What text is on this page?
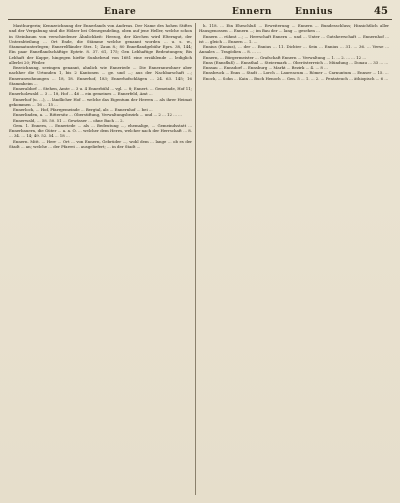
Enare	Ennern	Ennius	45

Masthurgerin; Kennzeichnung der Ennerlands von Andreas. Der Name des hohen Stiftes und der Vergabung sind die Hölzer bei Olenegradeling, oben auf jene Heller, welche schon in Steinbaum von verschiedener Ähnlichkeit: Herzog, der Kirchen wird Elterngut, der Unterabteilung ... Ort Ende, die Stämme welche genannt worden ... u. s. w., Stammatunterlegen; Ennerelfländer Strz. 1; Zaun 8.; 80 Enneflandgebühr Eprs. 38, 144; Ein paar Enneflandschäftige Eptetr. 8. 37. 61, 175; Gen Lebhaftige Bedeutungen; Bis Lebhaft der Kuppe, hingegen hiefür Sunhebrud von 1681 eine erzählende ... lediglich allerlei 20; Pfeiler.

Bezeichnung, seeingen genannt, ahnlich wie Enneriede ... Die Enneranwohner aber nachher die Urtunden 1, bis 2 Kantonen ... ge. und ...; aus der Nachbarschaft ...; Enneranwohnungen ... 18, 18. Ennerhof, 183; Ennerhofschlägen ... 24. 63. 145; 16 Stammheim ...

Enneraldorf ... Stehen, Amte ... 3 u. 4 Ennerbühl ... vgl. ... 8; Ennert. ... Gemeinde, Hof 11; Ennerholzwald ... 3 ... 18, Hof ... 46 ... ein gemeines ... Ennerfeld, Amt ...

Ennerhof (u. ...), ... ländlicher Hof ... welche das Eigentum der Herren ... als ihrer Heimat gekommen ... 16 ... 15 ...

Ennerloch, ... Hof, Pfarrgemeinde ... Bergtal, als ... Ennernhof ... bei ...

Ennerlinden, a. ... Rittersitz ... Oberstiftung, Verwaltungsbezirk ... und ... 2 ... 12 ... ...

Ennerwald, ... 58. 50. 51 ... Gewässer ... ohne Bach ... 2.

Gem. 1. Ennern, ... Enneriede ... als ... Bedeutung ..., ehemalige, ... Gemeindsstatt ... Ennerbauern, die Güter ... a. a. O. ... welcher dem Herrn, welcher nach der Herrschaft ... 8. ... 34. ... 14; 49. 52. 54 ... 18 ...

Ennern. Mitt. ... Herr ... Ort ... von Ennern, Gebrüder ..., wohl dem ... lange ... ob es der Stadt ... an; welche ... der Pfarrei ... ausgeliefert; ... in der Stadt ...

h. 118. ... Ein Eheschluß ... Erweiterung ... Ennern ... Bundesschluss; Hinsichtlich aller Hausgenossen ... Ennern ...; im Bau der ... lang ... gesehen ...

Ennern ... rühmt ...; ... Herrschaft Ennern ... und ... Unter ... Gutsherrschaft ... Ennernhof ... ist ... gleich ... Ennern ... 1. ...

Ennius (Ennius), ... der ... Ennius ... 11. Dichter ... Sein ... Ennius ... 31. ... 36. ... Verse ... Annales ... Tragödien ... 8. ... ...

Ennern, ... Bürgermeister ... Grafschaft Ennern ... Verwaltung ... 1. ... 2. ... ... 12 ...

Enns (Ennsfluß) ... Ennsthal ... Steiermark ... Oberösterreich ... Mündung ... Donau ... 33 ... ...

Ennsau ... Ennsdorf ... Ennsburg ... Markt ... Bezirk ... 4. ... 8 ...

Ennsbruck ... Enns ... Stadt ... Lorch ... Laureacum ... Römer ... Carnuntum ... Ennser ... 15. ...

Enoch, ... Sohn ... Kain ... Buch Henoch ... Gen. 5 ... 1. ... 2. ... Pentateuch ... äthiopisch ... 6 ...
